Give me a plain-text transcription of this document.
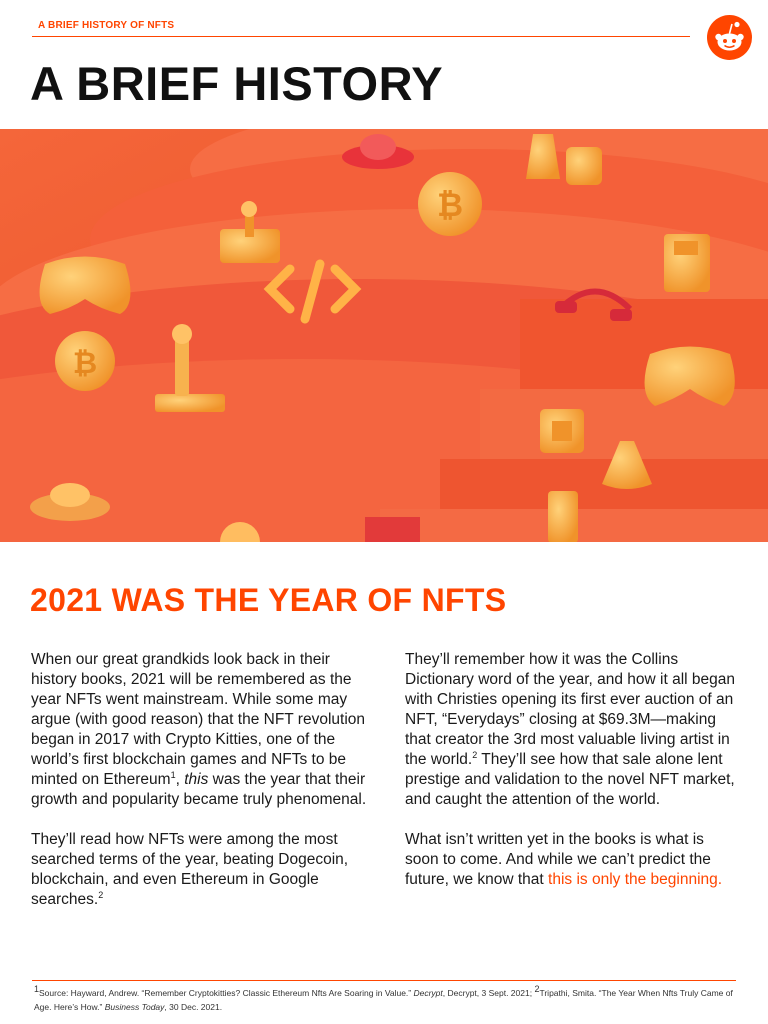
A BRIEF HISTORY OF NFTS
A BRIEF HISTORY
₿
₿
2021 WAS THE YEAR OF NFTS

When our great grandkids look back in their history books, 2021 will be remembered as the year NFTs went mainstream. While some may argue (with good reason) that the NFT revolution began in 2017 with Crypto Kitties, one of the world’s first blockchain games and NFTs to be minted on Ethereum$^1$, this was the year that their growth and popularity became truly phenomenal.

They’ll read how NFTs were among the most searched terms of the year, beating Dogecoin, blockchain, and even Ethereum in Google searches.$^2$

They’ll remember how it was the Collins Dictionary word of the year, and how it all began with Christies opening its first ever auction of an NFT, “Everydays” closing at $69.3M—making that creator the 3rd most valuable living artist in the world.$^2$ They’ll see how that sale alone lent prestige and validation to the novel NFT market, and caught the attention of the world.

What isn’t written yet in the books is what is soon to come. And while we can’t predict the future, we know that this is only the beginning.

$^1$Source: Hayward, Andrew. “Remember Cryptokitties? Classic Ethereum Nfts Are Soaring in Value.” Decrypt, Decrypt, 3 Sept. 2021; $^2$Tripathi, Smita. “The Year When Nfts Truly Came of Age. Here’s How.” Business Today, 30 Dec. 2021.
